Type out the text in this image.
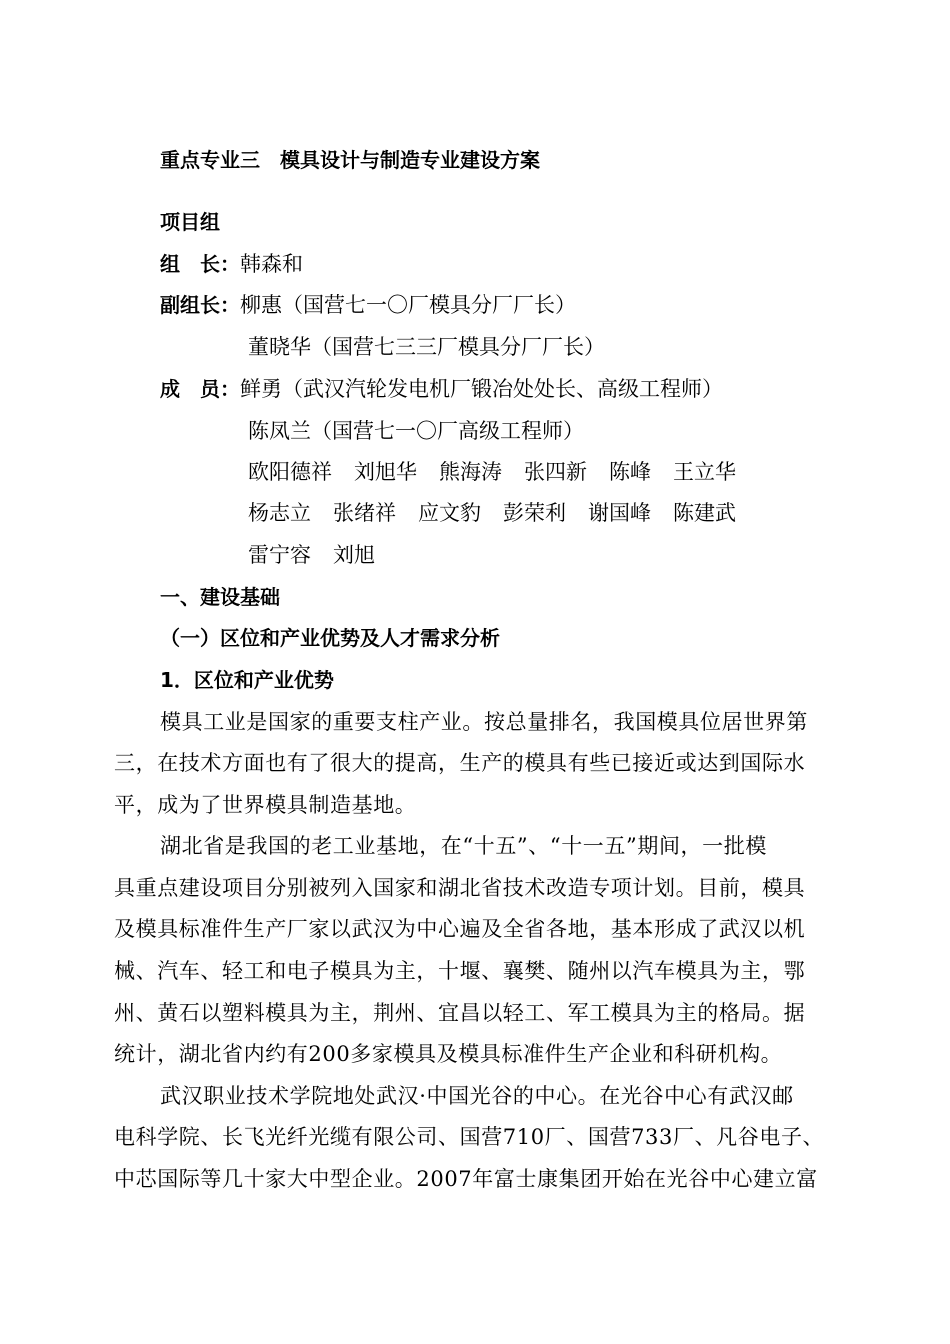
重点专业三　模具设计与制造专业建设方案
项目组
组　长：韩森和
副组长：柳惠（国营七一〇厂模具分厂厂长）
董晓华（国营七三三厂模具分厂厂长）
成　员：鲜勇（武汉汽轮发电机厂锻冶处处长、高级工程师）
陈凤兰（国营七一〇厂高级工程师）
欧阳德祥 刘旭华 熊海涛 张四新 陈峰 王立华
杨志立 张绪祥 应文豹 彭荣利 谢国峰 陈建武
雷宁容 刘旭
一、建设基础
（一）区位和产业优势及人才需求分析
1．区位和产业优势
模具工业是国家的重要支柱产业。按总量排名，我国模具位居世界第
三，在技术方面也有了很大的提高，生产的模具有些已接近或达到国际水
平，成为了世界模具制造基地。
湖北省是我国的老工业基地，在“十五”、“十一五”期间，一批模
具重点建设项目分别被列入国家和湖北省技术改造专项计划。目前，模具
及模具标准件生产厂家以武汉为中心遍及全省各地，基本形成了武汉以机
械、汽车、轻工和电子模具为主，十堰、襄樊、随州以汽车模具为主，鄂
州、黄石以塑料模具为主，荆州、宜昌以轻工、军工模具为主的格局。据
统计，湖北省内约有200多家模具及模具标准件生产企业和科研机构。
武汉职业技术学院地处武汉·中国光谷的中心。在光谷中心有武汉邮
电科学院、长飞光纤光缆有限公司、国营710厂、国营733厂、凡谷电子、
中芯国际等几十家大中型企业。2007年富士康集团开始在光谷中心建立富
